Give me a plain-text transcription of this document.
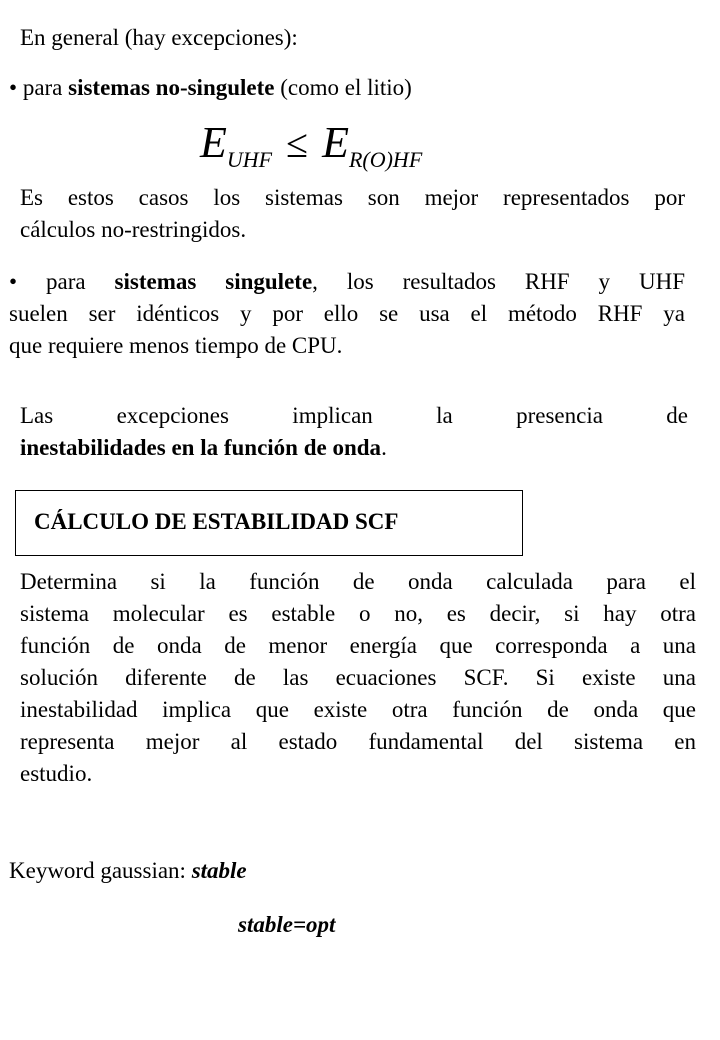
En general (hay excepciones):
• para sistemas no-singulete (como el litio)
$E_{UHF} \le E_{R(O)HF}$
Es estos casos los sistemas son mejor representados por
cálculos no-restringidos.
• para sistemas singulete, los resultados RHF y UHF
suelen ser idénticos y por ello se usa el método RHF ya
que requiere menos tiempo de CPU.
Las excepciones implican la presencia de
inestabilidades en la función de onda.
CÁLCULO DE ESTABILIDAD SCF
Determina si la función de onda calculada para el
sistema molecular es estable o no, es decir, si hay otra
función de onda de menor energía que corresponda a una
solución diferente de las ecuaciones SCF. Si existe una
inestabilidad implica que existe otra función de onda que
representa mejor al estado fundamental del sistema en
estudio.
Keyword gaussian: stable
stable=opt
